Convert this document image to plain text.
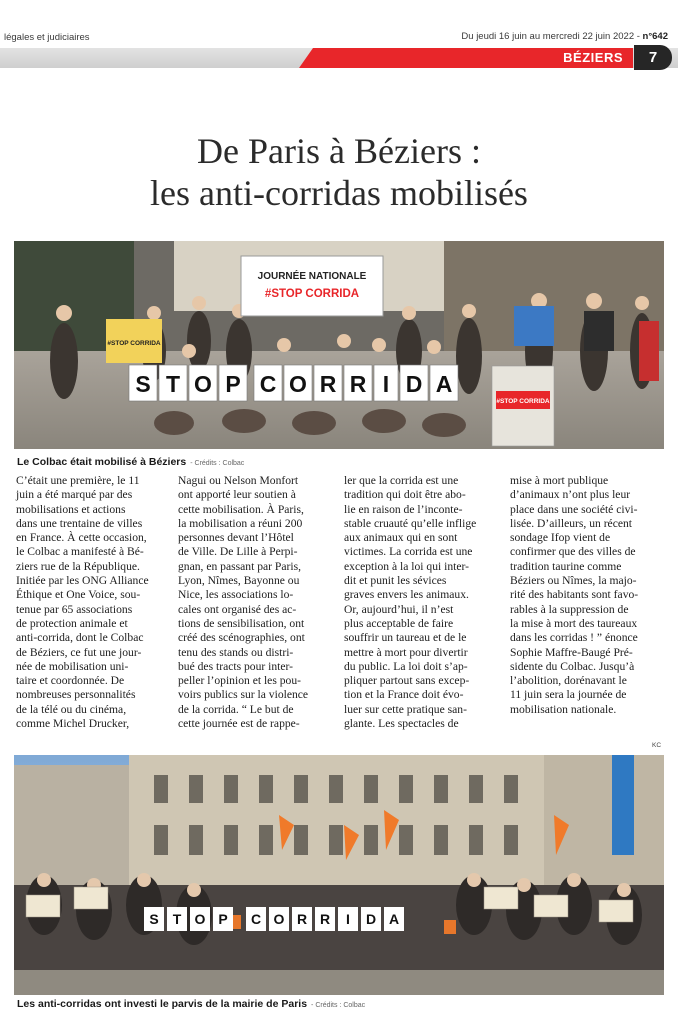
légales et judiciaires	Du jeudi 16 juin au mercredi 22 juin 2022 - n°642
BÉZIERS	7
De Paris à Béziers :
les anti-corridas mobilisés
JOURNÉE NATIONALE
#STOP CORRIDA
#STOP CORRIDA
#STOP CORRIDA
S T O P C O R R I D A
Le Colbac était mobilisé à Béziers - Crédits : Colbac
C’était une première, le 11
juin a été marqué par des
mobilisations et actions
dans une trentaine de villes
en France. À cette occasion,
le Colbac a manifesté à Bé-
ziers rue de la République.
Initiée par les ONG Alliance
Éthique et One Voice, sou-
tenue par 65 associations
de protection animale et
anti-corrida, dont le Colbac
de Béziers, ce fut une jour-
née de mobilisation uni-
taire et coordonnée. De
nombreuses personnalités
de la télé ou du cinéma,
comme Michel Drucker,
Nagui ou Nelson Monfort
ont apporté leur soutien à
cette mobilisation. À Paris,
la mobilisation a réuni 200
personnes devant l’Hôtel
de Ville. De Lille à Perpi-
gnan, en passant par Paris,
Lyon, Nîmes, Bayonne ou
Nice, les associations lo-
cales ont organisé des ac-
tions de sensibilisation, ont
créé des scénographies, ont
tenu des stands ou distri-
bué des tracts pour inter-
peller l’opinion et les pou-
voirs publics sur la violence
de la corrida. “ Le but de
cette journée est de rappe-
ler que la corrida est une
tradition qui doit être abo-
lie en raison de l’inconte-
stable cruauté qu’elle inflige
aux animaux qui en sont
victimes. La corrida est une
exception à la loi qui inter-
dit et punit les sévices
graves envers les animaux.
Or, aujourd’hui, il n’est
plus acceptable de faire
souffrir un taureau et de le
mettre à mort pour divertir
du public. La loi doit s’ap-
pliquer partout sans excep-
tion et la France doit évo-
luer sur cette pratique san-
glante. Les spectacles de
mise à mort publique
d’animaux n’ont plus leur
place dans une société civi-
lisée. D’ailleurs, un récent
sondage Ifop vient de
confirmer que des villes de
tradition taurine comme
Béziers ou Nîmes, la majo-
rité des habitants sont favo-
rables à la suppression de
la mise à mort des taureaux
dans les corridas ! ” énonce
Sophie Maffre-Baugé Pré-
sidente du Colbac. Jusqu’à
l’abolition, dorénavant le
11 juin sera la journée de
mobilisation nationale.
KC
S T O P C O R R I D A
Les anti-corridas ont investi le parvis de la mairie de Paris - Crédits : Colbac
